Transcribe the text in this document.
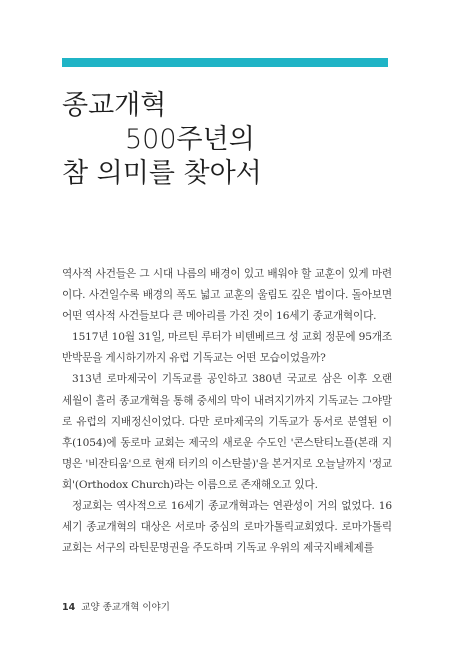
종교개혁
500주년의
참 의미를 찾아서

역사적 사건들은 그 시대 나름의 배경이 있고 배워야 할 교훈이 있게 마련이다. 사건일수록 배경의 폭도 넓고 교훈의 울림도 깊은 법이다. 돌아보면 어떤 역사적 사건들보다 큰 메아리를 가진 것이 16세기 종교개혁이다.

1517년 10월 31일, 마르틴 루터가 비텐베르크 성 교회 정문에 95개조 반박문을 게시하기까지 유럽 기독교는 어떤 모습이었을까?

313년 로마제국이 기독교를 공인하고 380년 국교로 삼은 이후 오랜 세월이 흘러 종교개혁을 통해 중세의 막이 내려지기까지 기독교는 그야말로 유럽의 지배정신이었다. 다만 로마제국의 기독교가 동서로 분열된 이후(1054)에 동로마 교회는 제국의 새로운 수도인 '콘스탄티노플(본래 지명은 '비잔티움'으로 현재 터키의 이스탄불)'을 본거지로 오늘날까지 '정교회'(Orthodox Church)라는 이름으로 존재해오고 있다.

정교회는 역사적으로 16세기 종교개혁과는 연관성이 거의 없었다. 16세기 종교개혁의 대상은 서로마 중심의 로마가톨릭교회였다. 로마가톨릭교회는 서구의 라틴문명권을 주도하며 기독교 우위의 제국지배체제를

14 교양 종교개혁 이야기
